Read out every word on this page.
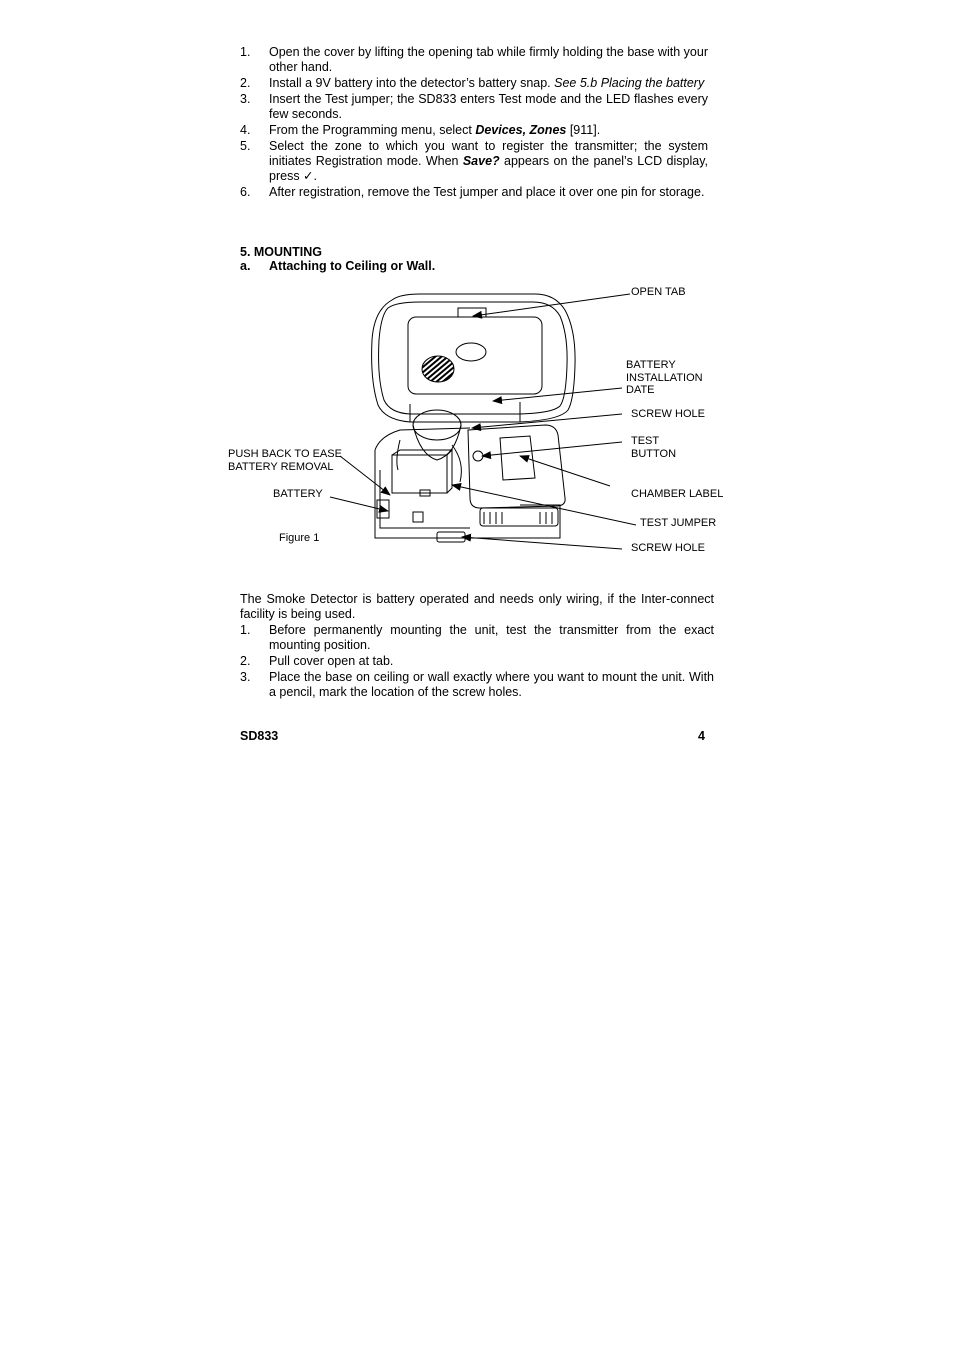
1. Open the cover by lifting the opening tab while firmly holding the base with your other hand.
2. Install a 9V battery into the detector’s battery snap. See 5.b Placing the battery
3. Insert the Test jumper; the SD833 enters Test mode and the LED flashes every few seconds.
4. From the Programming menu, select Devices, Zones [911].
5. Select the zone to which you want to register the transmitter; the system initiates Registration mode. When Save? appears on the panel’s LCD display, press ✓.
6. After registration, remove the Test jumper and place it over one pin for storage.
5. MOUNTING
a. Attaching to Ceiling or Wall.
OPEN TAB
BATTERY
INSTALLATION
DATE
SCREW HOLE
TEST
BUTTON
PUSH BACK TO EASE
BATTERY REMOVAL
BATTERY	CHAMBER LABEL
TEST JUMPER
SCREW HOLE
Figure 1
The Smoke Detector is battery operated and needs only wiring, if the Inter-connect facility is being used.
1. Before permanently mounting the unit, test the transmitter from the exact mounting position.
2. Pull cover open at tab.
3. Place the base on ceiling or wall exactly where you want to mount the unit. With a pencil, mark the location of the screw holes.
SD833	4
